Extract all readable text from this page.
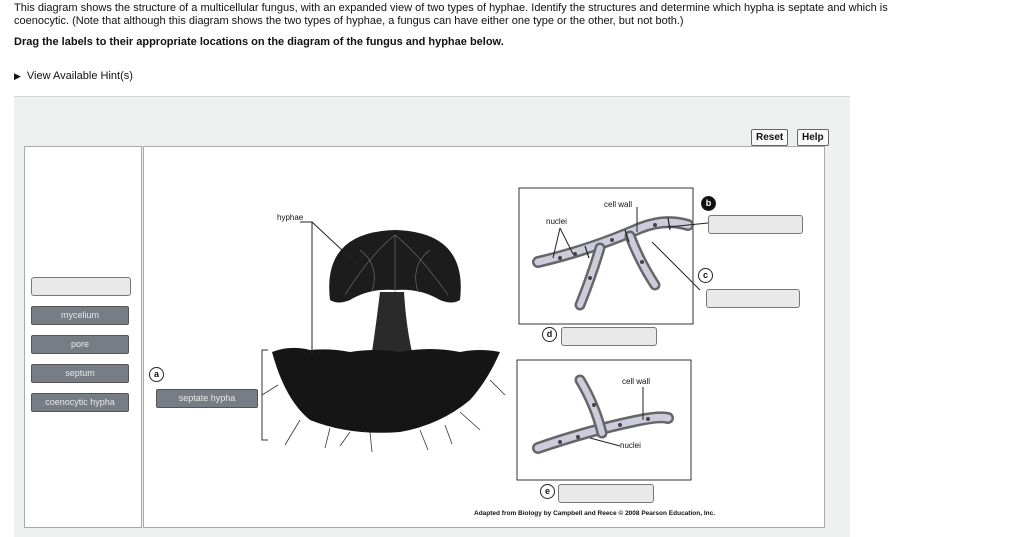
This diagram shows the structure of a multicellular fungus, with an expanded view of two types of hyphae. Identify the structures and determine which hypha is septate and which is

coenocytic. (Note that although this diagram shows the two types of hyphae, a fungus can have either one type or the other, but not both.)

Drag the labels to their appropriate locations on the diagram of the fungus and hyphae below.

▶ View Available Hint(s)
Reset	Help
mycelium
pore
septum
coenocytic hypha
hyphae
cell wall
nuclei
cell wall
nuclei
a
septate hypha
b
c
d
e
Adapted from Biology by Campbell and Reece © 2008 Pearson Education, Inc.
